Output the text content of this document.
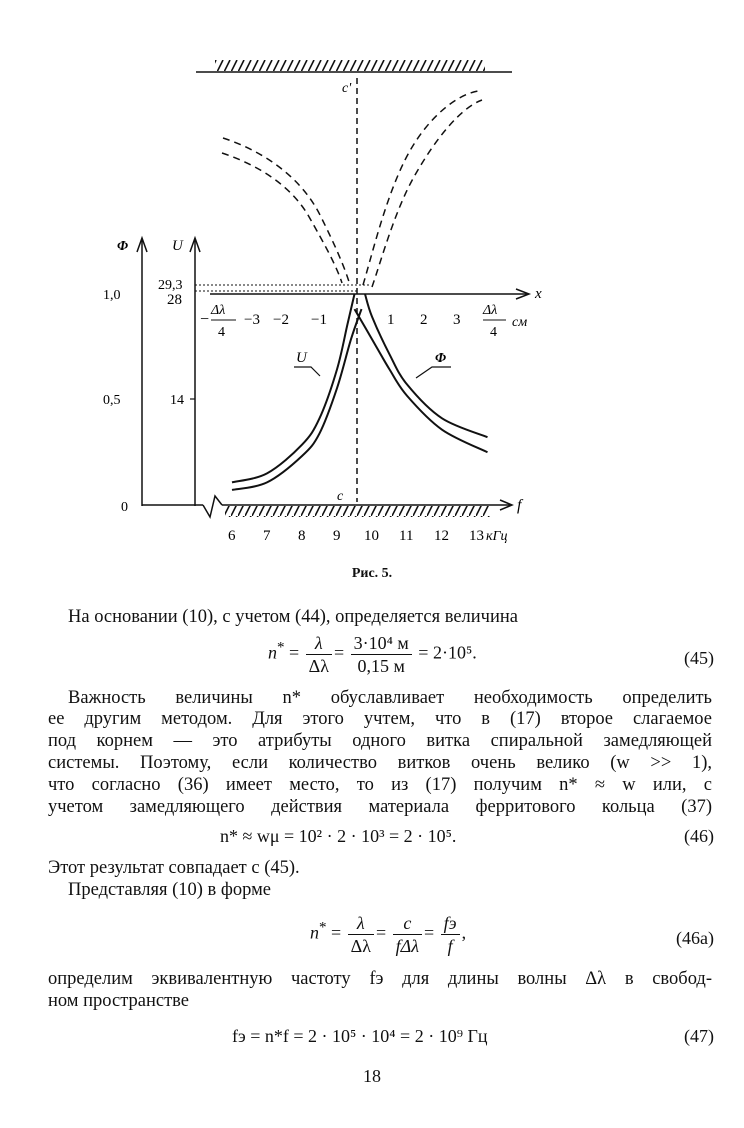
c'
Φ	U
f
c
x
29,3
28
14
1,0
0,5
0
−
Δλ
4
−3 −2 −1	1 2 3
Δλ
4
см
6 7 8 9 10 11 12 13 кГц
U	Φ
Рис. 5.
На основании (10), с учетом (44), определяется величина
$n^* = \frac{\lambda}{\Delta\lambda} = \frac{\text{3·10⁴ м}}{0,15 м} = 2\cdot 10^5$.	(45)
Важность величины n* обуславливает необходимость определить
ее другим методом. Для этого учтем, что в (17) второе слагаемое
под корнем — это атрибуты одного витка спиральной замедляющей
системы. Поэтому, если количество витков очень велико (w >> 1),
что согласно (36) имеет место, то из (17) получим n* ≈ w или, с
учетом замедляющего действия материала ферритового кольца (37)
n* ≈ wμ = 10² · 2 · 10³ = 2 · 10⁵.	(46)
Этот результат совпадает с (45).
Представляя (10) в форме
$n^* = \frac{\lambda}{\Delta\lambda} = \frac{c}{\text{fΔλ}} = \frac{fэ}{f}$ ,	(46a)
определим эквивалентную частоту fэ для длины волны Δλ в свобод-
ном пространстве
fэ = n*f = 2 · 10⁵ · 10⁴ = 2 · 10⁹ Гц	(47)
18
